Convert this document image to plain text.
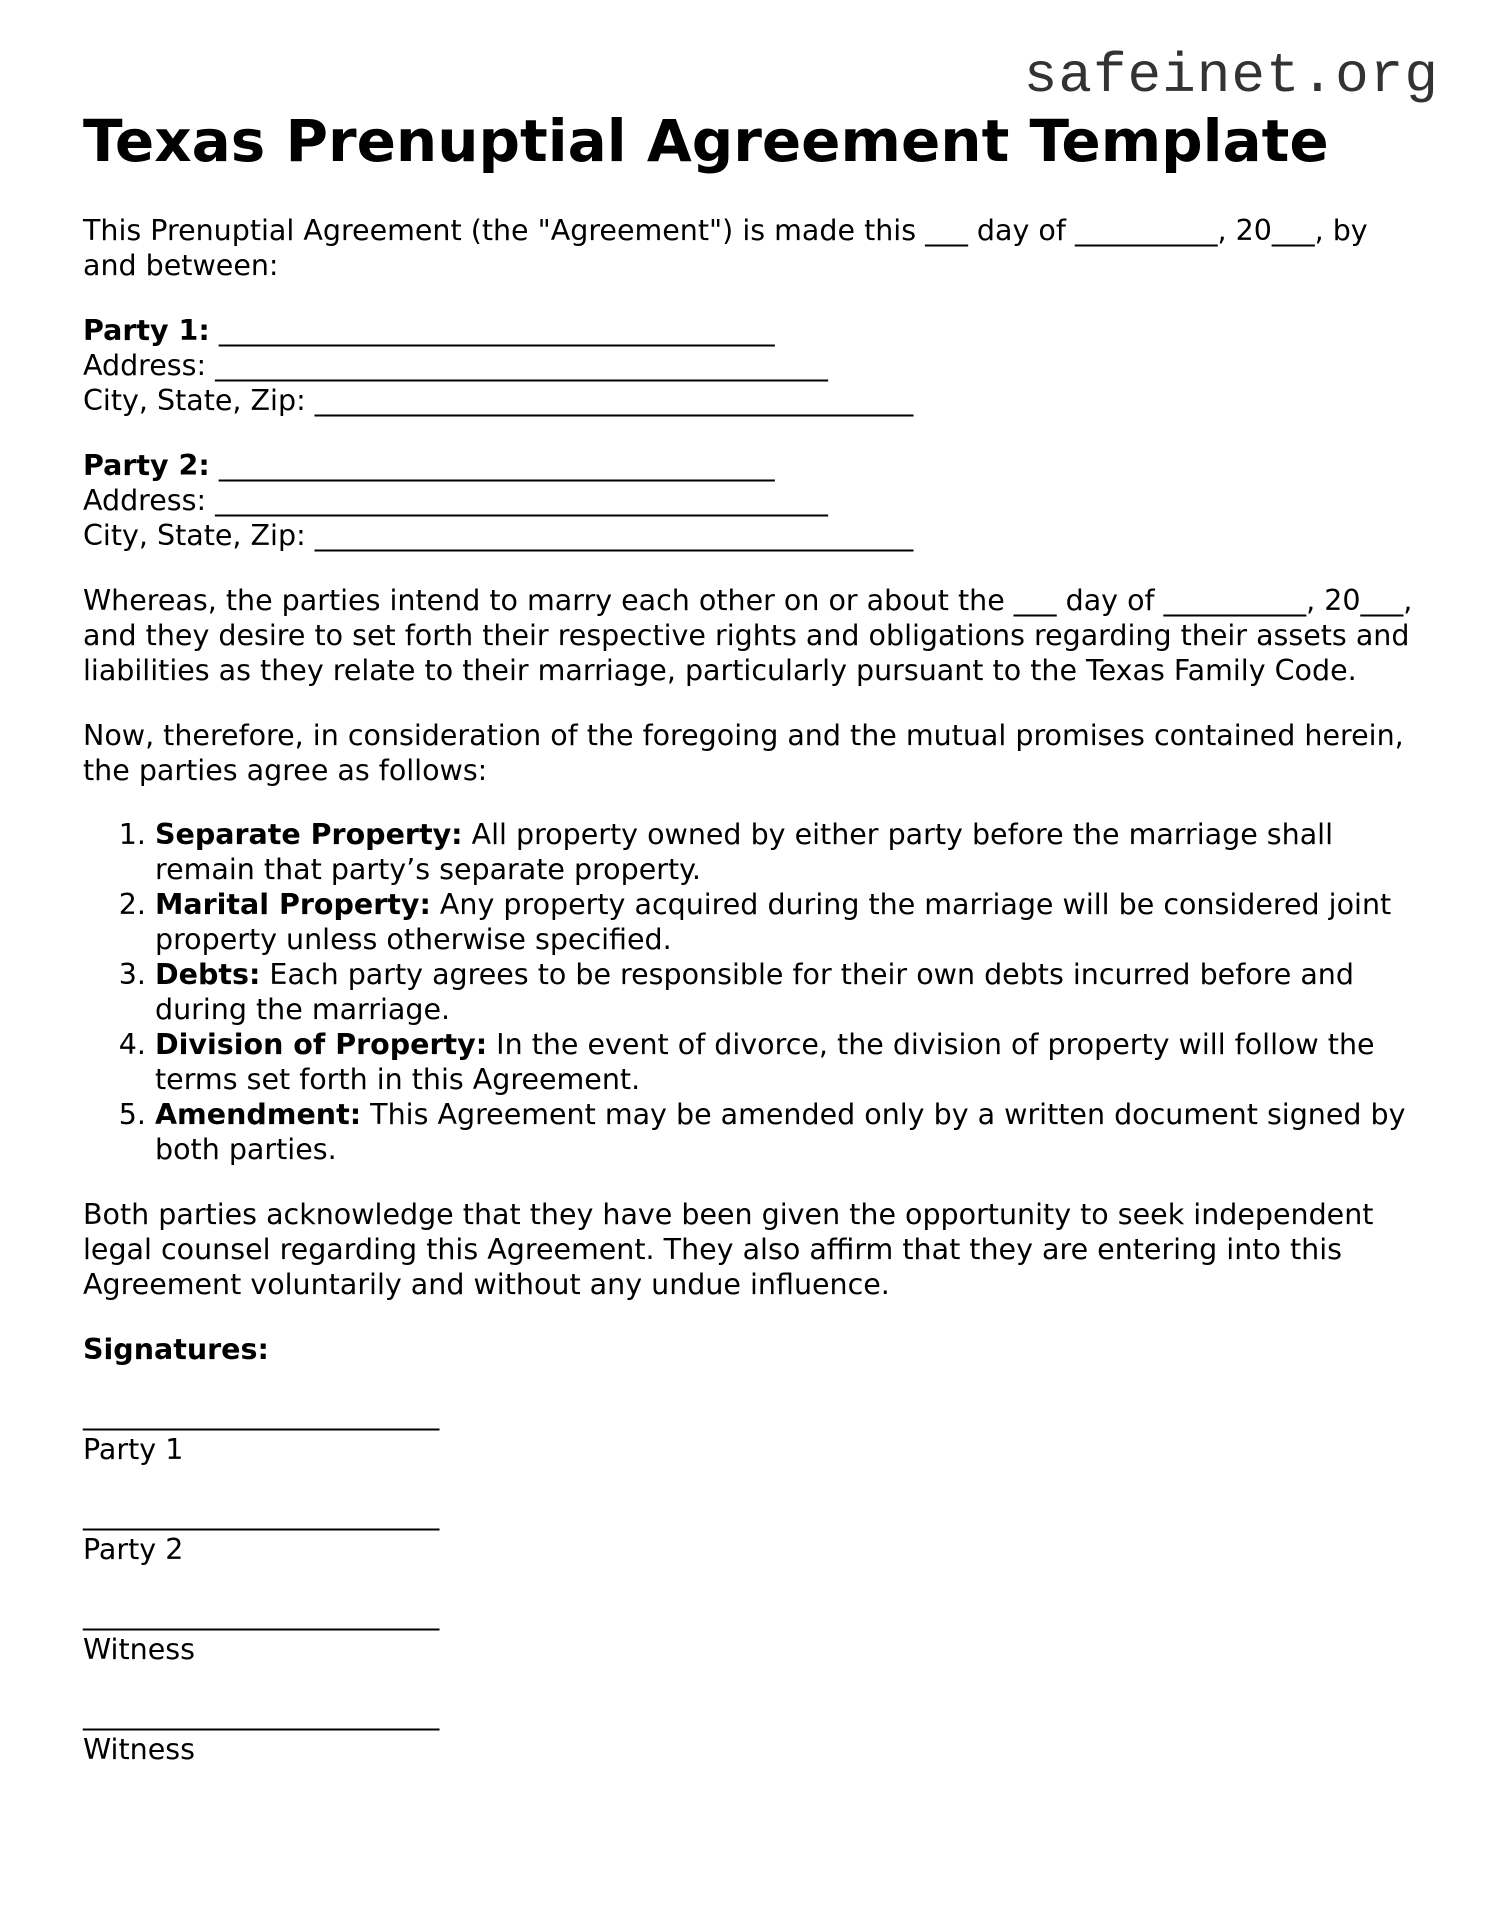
safeinet.org
Texas Prenuptial Agreement Template

This Prenuptial Agreement (the "Agreement") is made this ___ day of __________, 20___, by and between:

Party 1: _______________________________________
Address: ___________________________________________
City, State, Zip: __________________________________________
Party 2: _______________________________________
Address: ___________________________________________
City, State, Zip: __________________________________________

Whereas, the parties intend to marry each other on or about the ___ day of __________, 20___, and they desire to set forth their respective rights and obligations regarding their assets and liabilities as they relate to their marriage, particularly pursuant to the Texas Family Code.

Now, therefore, in consideration of the foregoing and the mutual promises contained herein, the parties agree as follows:

1. Separate Property: All property owned by either party before the marriage shall remain that party’s separate property.
2. Marital Property: Any property acquired during the marriage will be considered joint property unless otherwise specified.
3. Debts: Each party agrees to be responsible for their own debts incurred before and during the marriage.
4. Division of Property: In the event of divorce, the division of property will follow the terms set forth in this Agreement.
5. Amendment: This Agreement may be amended only by a written document signed by both parties.

Both parties acknowledge that they have been given the opportunity to seek independent legal counsel regarding this Agreement. They also affirm that they are entering into this Agreement voluntarily and without any undue influence.

Signatures:

_________________________
Party 1
_________________________
Party 2
_________________________
Witness
_________________________
Witness
